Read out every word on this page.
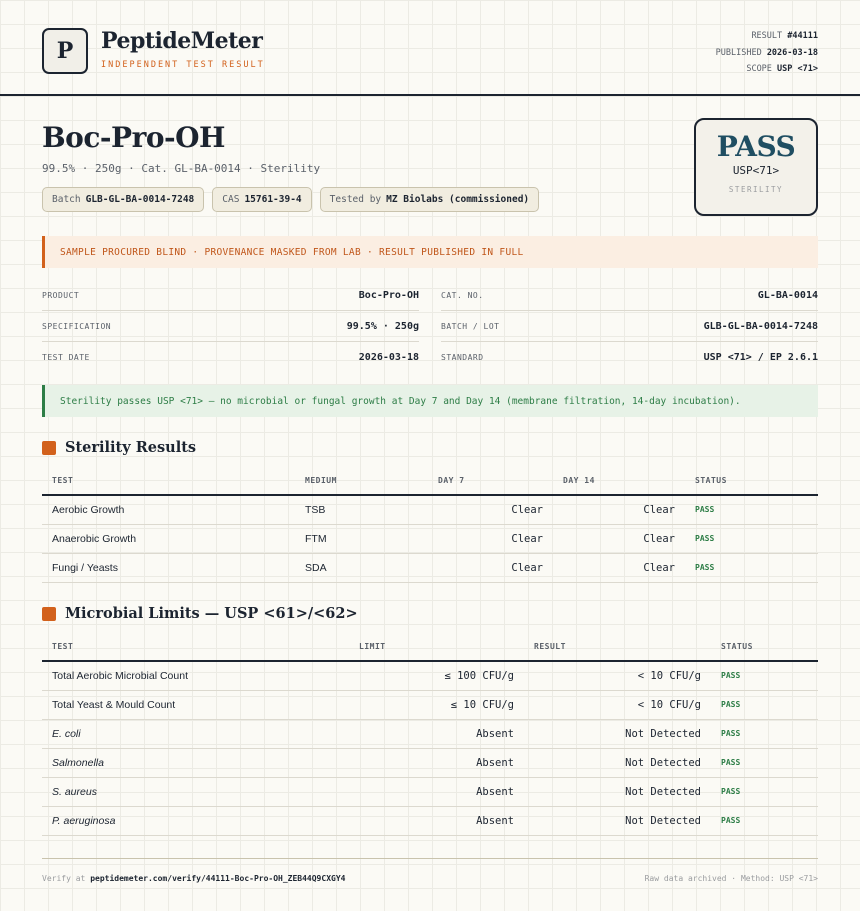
P	PeptideMeter
INDEPENDENT TEST RESULT
RESULT #44111
PUBLISHED 2026-03-18
SCOPE USP <71>
Boc-Pro-OH
99.5% · 250g · Cat. GL-BA-0014 · Sterility
Batch GLB-GL-BA-0014-7248	CAS 15761-39-4	Tested by MZ Biolabs (commissioned)
PASS
USP<71>
STERILITY
SAMPLE PROCURED BLIND · PROVENANCE MASKED FROM LAB · RESULT PUBLISHED IN FULL
PRODUCT	Boc-Pro-OH
SPECIFICATION	99.5% · 250g
TEST DATE	2026-03-18
CAT. NO.	GL-BA-0014
BATCH / LOT	GLB-GL-BA-0014-7248
STANDARD	USP <71> / EP 2.6.1
Sterility passes USP <71> — no microbial or fungal growth at Day 7 and Day 14 (membrane filtration, 14-day incubation).
Sterility Results
TEST	MEDIUM	DAY 7	DAY 14	STATUS
Aerobic Growth	TSB	Clear	Clear	PASS
Anaerobic Growth	FTM	Clear	Clear	PASS
Fungi / Yeasts	SDA	Clear	Clear	PASS
Microbial Limits — USP <61>/<62>
TEST	LIMIT	RESULT	STATUS
Total Aerobic Microbial Count	≤ 100 CFU/g	< 10 CFU/g	PASS
Total Yeast & Mould Count	≤ 10 CFU/g	< 10 CFU/g	PASS
E. coli	Absent	Not Detected	PASS
Salmonella	Absent	Not Detected	PASS
S. aureus	Absent	Not Detected	PASS
P. aeruginosa	Absent	Not Detected	PASS
Verify at peptidemeter.com/verify/44111-Boc-Pro-OH_ZEB44Q9CXGY4	Raw data archived · Method: USP <71>
